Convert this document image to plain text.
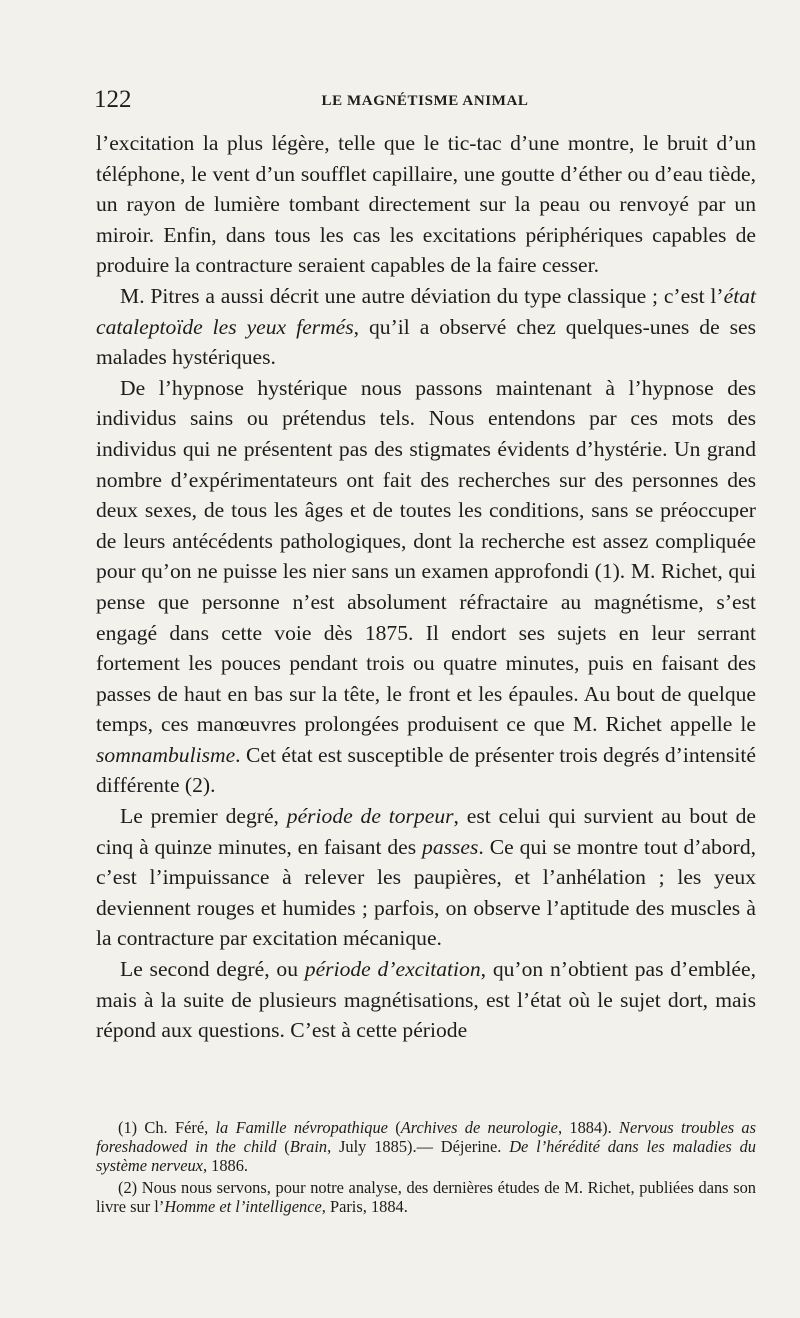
122	LE MAGNÉTISME ANIMAL

l’excitation la plus légère, telle que le tic-tac d’une montre, le bruit d’un téléphone, le vent d’un soufflet capillaire, une goutte d’éther ou d’eau tiède, un rayon de lumière tombant directement sur la peau ou renvoyé par un miroir. Enfin, dans tous les cas les excitations périphériques capables de produire la contracture seraient capables de la faire cesser.

M. Pitres a aussi décrit une autre déviation du type classique ; c’est l’état cataleptoïde les yeux fermés, qu’il a observé chez quelques-unes de ses malades hystériques.

De l’hypnose hystérique nous passons maintenant à l’hypnose des individus sains ou prétendus tels. Nous entendons par ces mots des individus qui ne présentent pas des stigmates évidents d’hystérie. Un grand nombre d’expérimentateurs ont fait des recherches sur des personnes des deux sexes, de tous les âges et de toutes les conditions, sans se préoccuper de leurs antécédents pathologiques, dont la recherche est assez compliquée pour qu’on ne puisse les nier sans un examen approfondi (1). M. Richet, qui pense que personne n’est absolument réfractaire au magnétisme, s’est engagé dans cette voie dès 1875. Il endort ses sujets en leur serrant fortement les pouces pendant trois ou quatre minutes, puis en faisant des passes de haut en bas sur la tête, le front et les épaules. Au bout de quelque temps, ces manœuvres prolongées produisent ce que M. Richet appelle le somnambulisme. Cet état est susceptible de présenter trois degrés d’intensité différente (2).

Le premier degré, période de torpeur, est celui qui survient au bout de cinq à quinze minutes, en faisant des passes. Ce qui se montre tout d’abord, c’est l’impuissance à relever les paupières, et l’anhélation ; les yeux deviennent rouges et humides ; parfois, on observe l’aptitude des muscles à la contracture par excitation mécanique.

Le second degré, ou période d’excitation, qu’on n’obtient pas d’emblée, mais à la suite de plusieurs magnétisations, est l’état où le sujet dort, mais répond aux questions. C’est à cette période

(1) Ch. Féré, la Famille névropathique (Archives de neurologie, 1884). Nervous troubles as foreshadowed in the child (Brain, July 1885).— Déjerine. De l’hérédité dans les maladies du système nerveux, 1886.

(2) Nous nous servons, pour notre analyse, des dernières études de M. Richet, publiées dans son livre sur l’Homme et l’intelligence, Paris, 1884.
